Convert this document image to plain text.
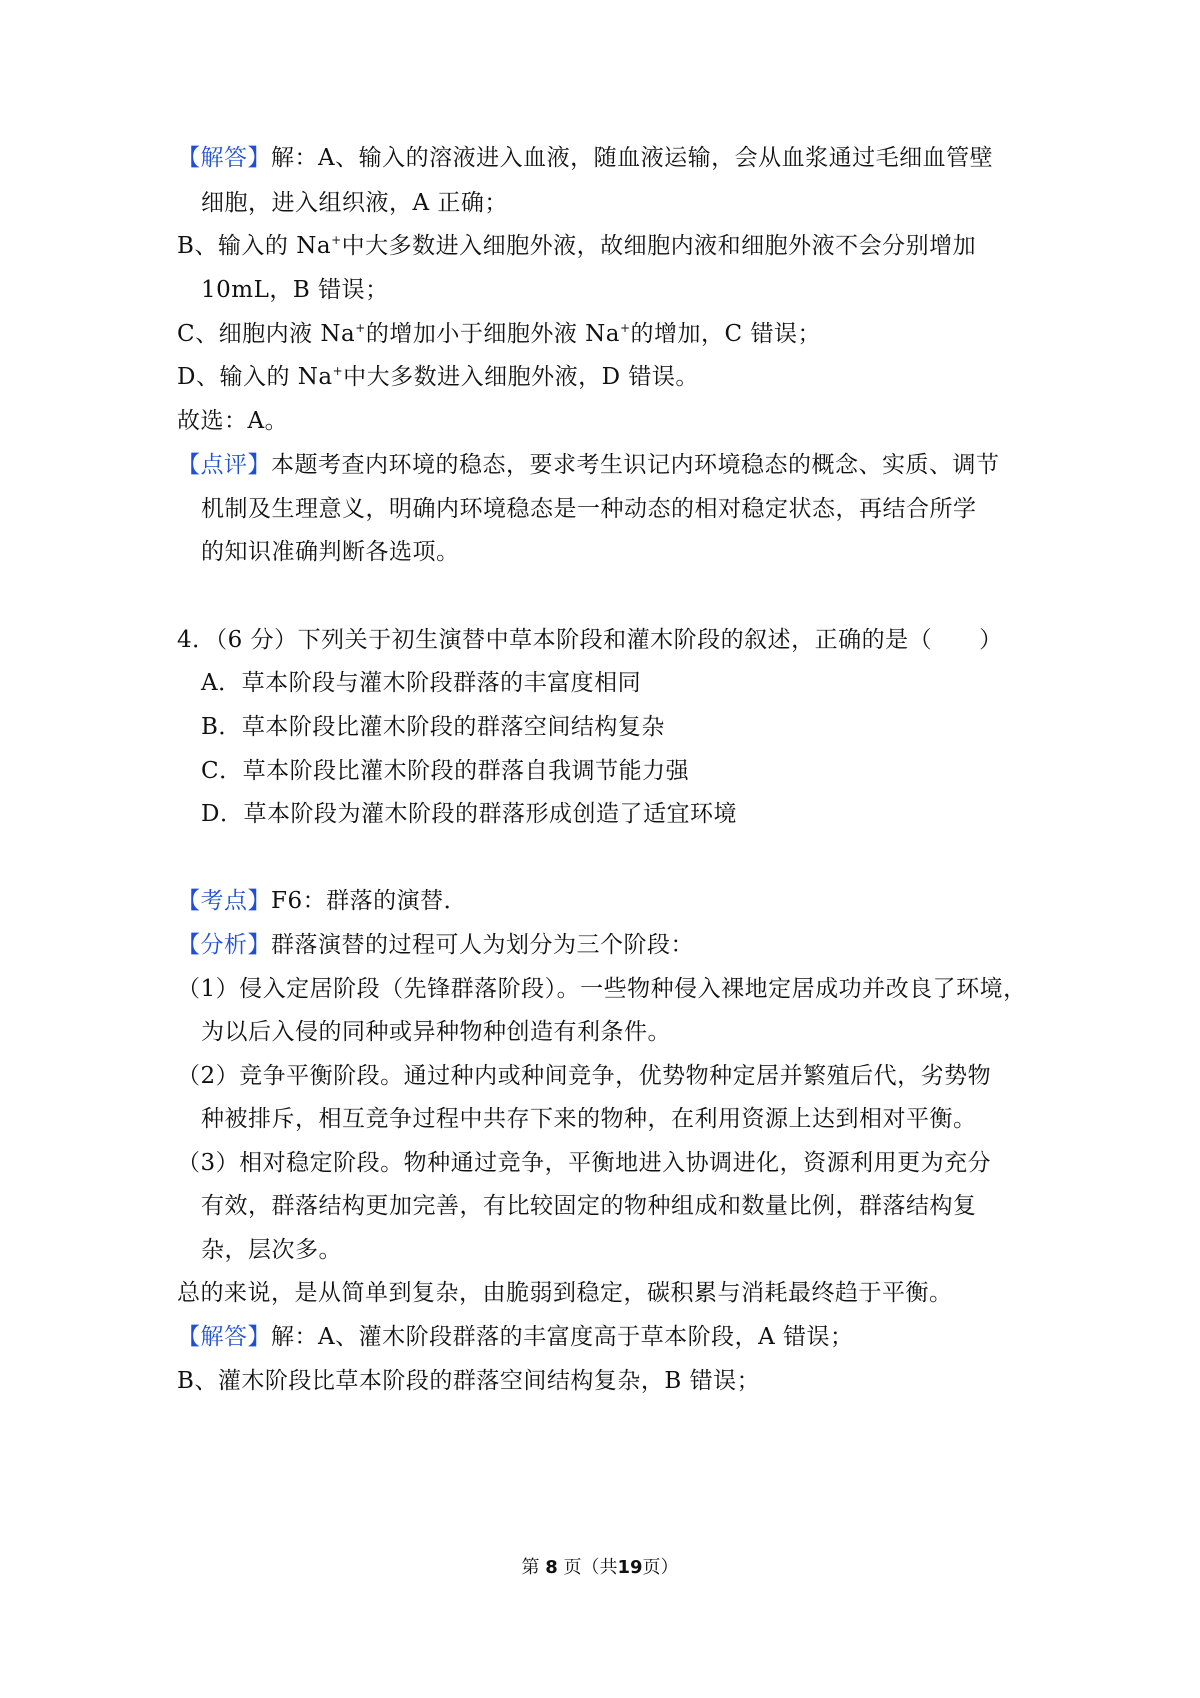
【解答】解：A、输入的溶液进入血液，随血液运输，会从血浆通过毛细血管壁
细胞，进入组织液，A 正确；
B、输入的 Na+中大多数进入细胞外液，故细胞内液和细胞外液不会分别增加
10mL，B 错误；
C、细胞内液 Na+的增加小于细胞外液 Na+的增加，C 错误；
D、输入的 Na+中大多数进入细胞外液，D 错误。
故选：A。
【点评】本题考查内环境的稳态，要求考生识记内环境稳态的概念、实质、调节
机制及生理意义，明确内环境稳态是一种动态的相对稳定状态，再结合所学
的知识准确判断各选项。
4．（6 分）下列关于初生演替中草本阶段和灌木阶段的叙述，正确的是（　　）
A．草本阶段与灌木阶段群落的丰富度相同
B．草本阶段比灌木阶段的群落空间结构复杂
C．草本阶段比灌木阶段的群落自我调节能力强
D．草本阶段为灌木阶段的群落形成创造了适宜环境
【考点】F6：群落的演替．
【分析】群落演替的过程可人为划分为三个阶段：
（1）侵入定居阶段（先锋群落阶段）。一些物种侵入裸地定居成功并改良了环境，
为以后入侵的同种或异种物种创造有利条件。
（2）竞争平衡阶段。通过种内或种间竞争，优势物种定居并繁殖后代，劣势物
种被排斥，相互竞争过程中共存下来的物种，在利用资源上达到相对平衡。
（3）相对稳定阶段。物种通过竞争，平衡地进入协调进化，资源利用更为充分
有效，群落结构更加完善，有比较固定的物种组成和数量比例，群落结构复
杂，层次多。
总的来说，是从简单到复杂，由脆弱到稳定，碳积累与消耗最终趋于平衡。
【解答】解：A、灌木阶段群落的丰富度高于草本阶段，A 错误；
B、灌木阶段比草本阶段的群落空间结构复杂，B 错误；
第 8 页（共19页）
